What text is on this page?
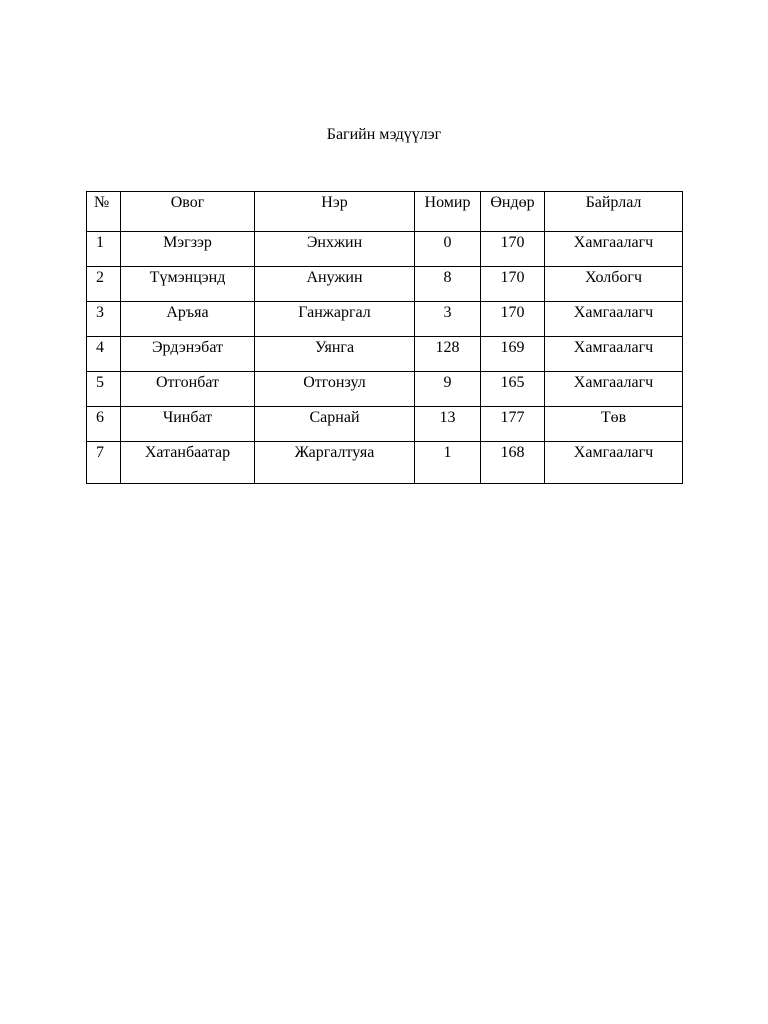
Багийн мэдүүлэг
№	Овог	Нэр	Номир	Өндөр	Байрлал
1	Мэгзэр	Энхжин	0	170	Хамгаалагч
2	Түмэнцэнд	Анужин	8	170	Холбогч
3	Аръяа	Ганжаргал	3	170	Хамгаалагч
4	Эрдэнэбат	Уянга	128	169	Хамгаалагч
5	Отгонбат	Отгонзул	9	165	Хамгаалагч
6	Чинбат	Сарнай	13	177	Төв
7	Хатанбаатар	Жаргалтуяа	1	168	Хамгаалагч
